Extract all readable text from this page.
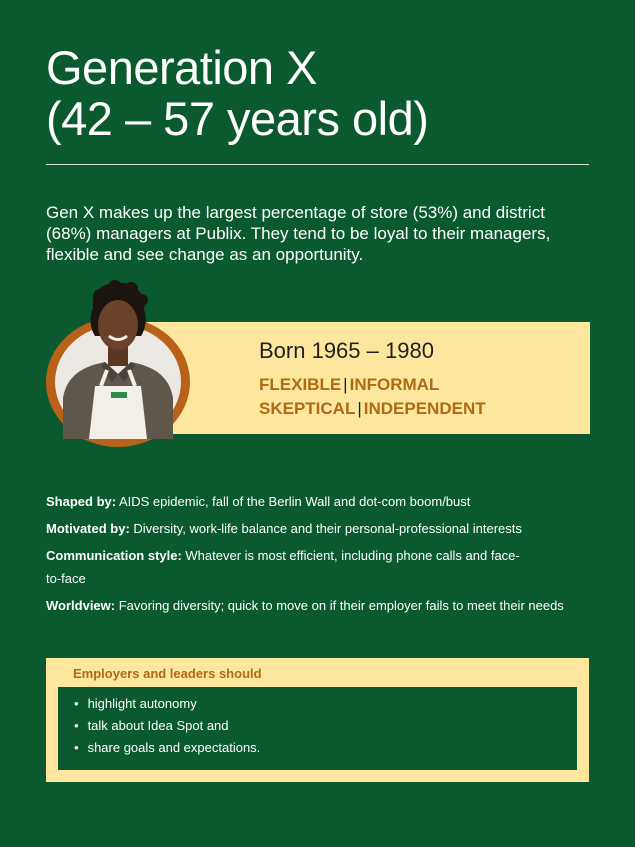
Generation X
(42 – 57 years old)

Gen X makes up the largest percentage of store (53%) and district (68%) managers at Publix. They tend to be loyal to their managers, flexible and see change as an opportunity.

Born 1965 – 1980
FLEXIBLE | INFORMAL
SKEPTICAL | INDEPENDENT

Shaped by: AIDS epidemic, fall of the Berlin Wall and dot-com boom/bust

Motivated by: Diversity, work-life balance and their personal-professional interests

Communication style: Whatever is most efficient, including phone calls and face-to-face

Worldview: Favoring diversity; quick to move on if their employer fails to meet their needs

Employers and leaders should
• highlight autonomy
• talk about Idea Spot and
• share goals and expectations.
